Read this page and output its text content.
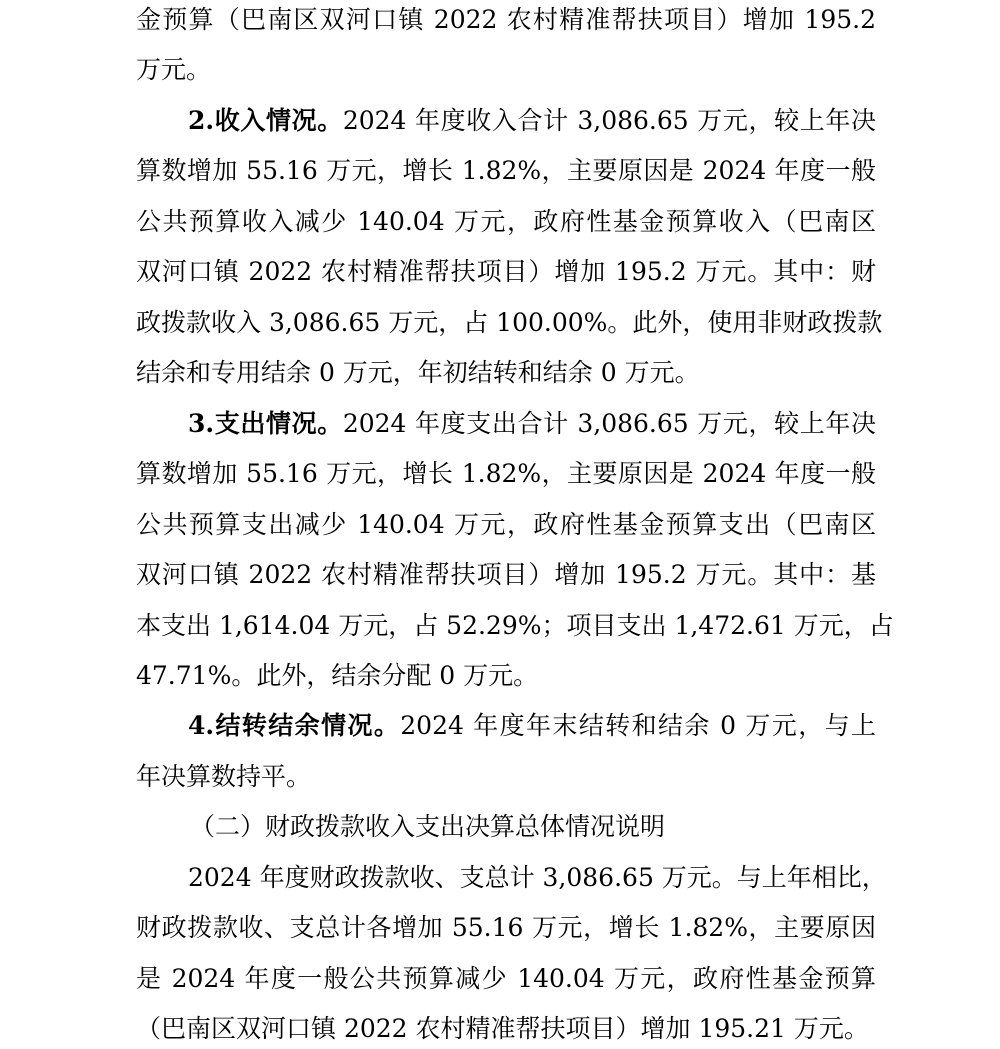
金预算（巴南区双河口镇 2022 农村精准帮扶项目）增加 195.2
万元。
2.收入情况。2024 年度收入合计 3,086.65 万元，较上年决
算数增加 55.16 万元，增长 1.82%，主要原因是 2024 年度一般
公共预算收入减少 140.04 万元，政府性基金预算收入（巴南区
双河口镇 2022 农村精准帮扶项目）增加 195.2 万元。其中：财
政拨款收入 3,086.65 万元，占 100.00%。此外，使用非财政拨款
结余和专用结余 0 万元，年初结转和结余 0 万元。
3.支出情况。2024 年度支出合计 3,086.65 万元，较上年决
算数增加 55.16 万元，增长 1.82%，主要原因是 2024 年度一般
公共预算支出减少 140.04 万元，政府性基金预算支出（巴南区
双河口镇 2022 农村精准帮扶项目）增加 195.2 万元。其中：基
本支出 1,614.04 万元，占 52.29%；项目支出 1,472.61 万元，占
47.71%。此外，结余分配 0 万元。
4.结转结余情况。2024 年度年末结转和结余 0 万元，与上
年决算数持平。
（二）财政拨款收入支出决算总体情况说明
2024 年度财政拨款收、支总计 3,086.65 万元。与上年相比，
财政拨款收、支总计各增加 55.16 万元，增长 1.82%，主要原因
是 2024 年度一般公共预算减少 140.04 万元，政府性基金预算
（巴南区双河口镇 2022 农村精准帮扶项目）增加 195.21 万元。
